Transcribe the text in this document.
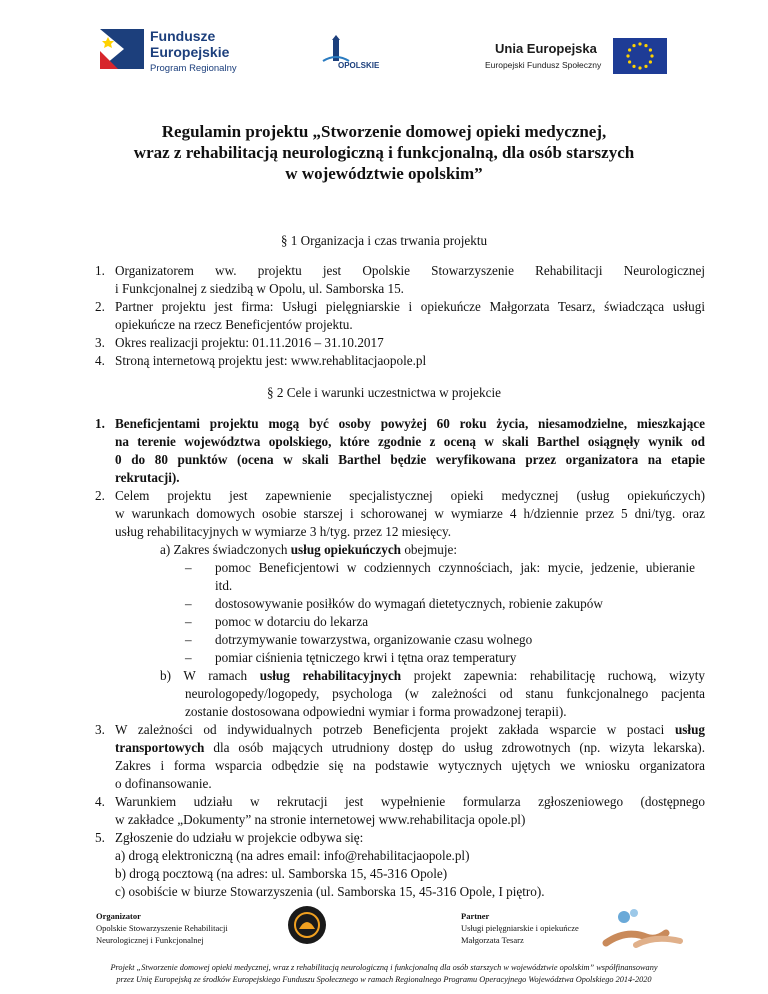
Fundusze
Europejskie
Program Regionalny	OPOLSKIE
Unia Europejska
Europejski Fundusz Społeczny
Regulamin projektu „Stworzenie domowej opieki medycznej,
wraz z rehabilitacją neurologiczną i funkcjonalną, dla osób starszych
w województwie opolskim”
§ 1 Organizacja i czas trwania projektu
1. Organizatorem ww. projektu jest Opolskie Stowarzyszenie Rehabilitacji Neurologicznej
i Funkcjonalnej z siedzibą w Opolu, ul. Samborska 15.
2. Partner projektu jest firma: Usługi pielęgniarskie i opiekuńcze Małgorzata Tesarz, świadcząca usługi
opiekuńcze na rzecz Beneficjentów projektu.
3. Okres realizacji projektu: 01.11.2016 – 31.10.2017
4. Stroną internetową projektu jest: www.rehablitacjaopole.pl
§ 2 Cele i warunki uczestnictwa w projekcie
1. Beneficjentami projektu mogą być osoby powyżej 60 roku życia, niesamodzielne, mieszkające
na terenie województwa opolskiego, które zgodnie z oceną w skali Barthel osiągnęły wynik od
0 do 80 punktów (ocena w skali Barthel będzie weryfikowana przez organizatora na etapie
rekrutacji).
2. Celem projektu jest zapewnienie specjalistycznej opieki medycznej (usług opiekuńczych)
w warunkach domowych osobie starszej i schorowanej w wymiarze 4 h/dziennie przez 5 dni/tyg. oraz
usług rehabilitacyjnych w wymiarze 3 h/tyg. przez 12 miesięcy.
a) Zakres świadczonych usług opiekuńczych obejmuje:
– pomoc Beneficjentowi w codziennych czynnościach, jak: mycie, jedzenie, ubieranie
itd.
– dostosowywanie posiłków do wymagań dietetycznych, robienie zakupów
– pomoc w dotarciu do lekarza
– dotrzymywanie towarzystwa, organizowanie czasu wolnego
– pomiar ciśnienia tętniczego krwi i tętna oraz temperatury
b) W ramach usług rehabilitacyjnych projekt zapewnia: rehabilitację ruchową, wizyty
neurologopedy/logopedy, psychologa (w zależności od stanu funkcjonalnego pacjenta
zostanie dostosowana odpowiedni wymiar i forma prowadzonej terapii).
3. W zależności od indywidualnych potrzeb Beneficjenta projekt zakłada wsparcie w postaci usług
transportowych dla osób mających utrudniony dostęp do usług zdrowotnych (np. wizyta lekarska).
Zakres i forma wsparcia odbędzie się na podstawie wytycznych ujętych we wniosku organizatora
o dofinansowanie.
4. Warunkiem udziału w rekrutacji jest wypełnienie formularza zgłoszeniowego (dostępnego
w zakładce „Dokumenty” na stronie internetowej www.rehabilitacja opole.pl)
5. Zgłoszenie do udziału w projekcie odbywa się:
a) drogą elektroniczną (na adres email: info@rehabilitacjaopole.pl)
b) drogą pocztową (na adres: ul. Samborska 15, 45-316 Opole)
c) osobiście w biurze Stowarzyszenia (ul. Samborska 15, 45-316 Opole, I piętro).
Organizator
Opolskie Stowarzyszenie Rehabilitacji
Neurologicznej i Funkcjonalnej
Partner
Usługi pielęgniarskie i opiekuńcze
Małgorzata Tesarz
Projekt „Stworzenie domowej opieki medycznej, wraz z rehabilitacją neurologiczną i funkcjonalną dla osób starszych w województwie opolskim” współfinansowany
przez Unię Europejską ze środków Europejskiego Funduszu Społecznego w ramach Regionalnego Programu Operacyjnego Województwa Opolskiego 2014-2020
